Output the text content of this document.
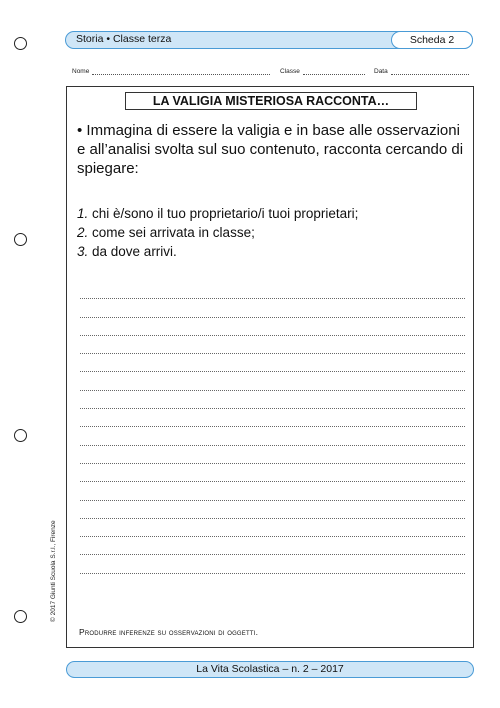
Storia • Classe terza	Scheda 2
Nome	Classe	Data
LA VALIGIA MISTERIOSA RACCONTA…
• Immagina di essere la valigia e in base alle osservazioni e all’analisi svolta sul suo contenuto, racconta cercando di spiegare:
1. chi è/sono il tuo proprietario/i tuoi proprietari;
2. come sei arrivata in classe;
3. da dove arrivi.
Produrre inferenze su osservazioni di oggetti.
© 2017 Giunti Scuola S.r.l., Firenze
La Vita Scolastica – n. 2 – 2017
